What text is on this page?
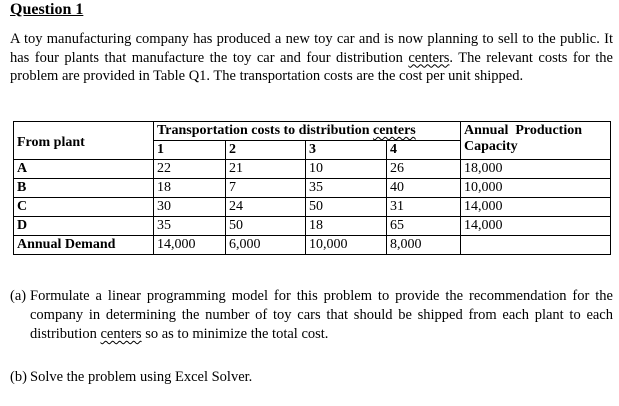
Question 1
A toy manufacturing company has produced a new toy car and is now planning to sell to the public. It has four plants that manufacture the toy car and four distribution centers. The relevant costs for the problem are provided in Table Q1. The transportation costs are the cost per unit shipped.
From plant	Transportation costs to distribution centers				Annual  Production
Capacity
	1	2	3	4	
A	22	21	10	26	18,000
B	18	7	35	40	10,000
C	30	24	50	31	14,000
D	35	50	18	65	14,000
Annual Demand	14,000	6,000	10,000	8,000	
(a) Formulate a linear programming model for this problem to provide the recommendation for the company in determining the number of toy cars that should be shipped from each plant to each distribution centers so as to minimize the total cost.
(b) Solve the problem using Excel Solver.
